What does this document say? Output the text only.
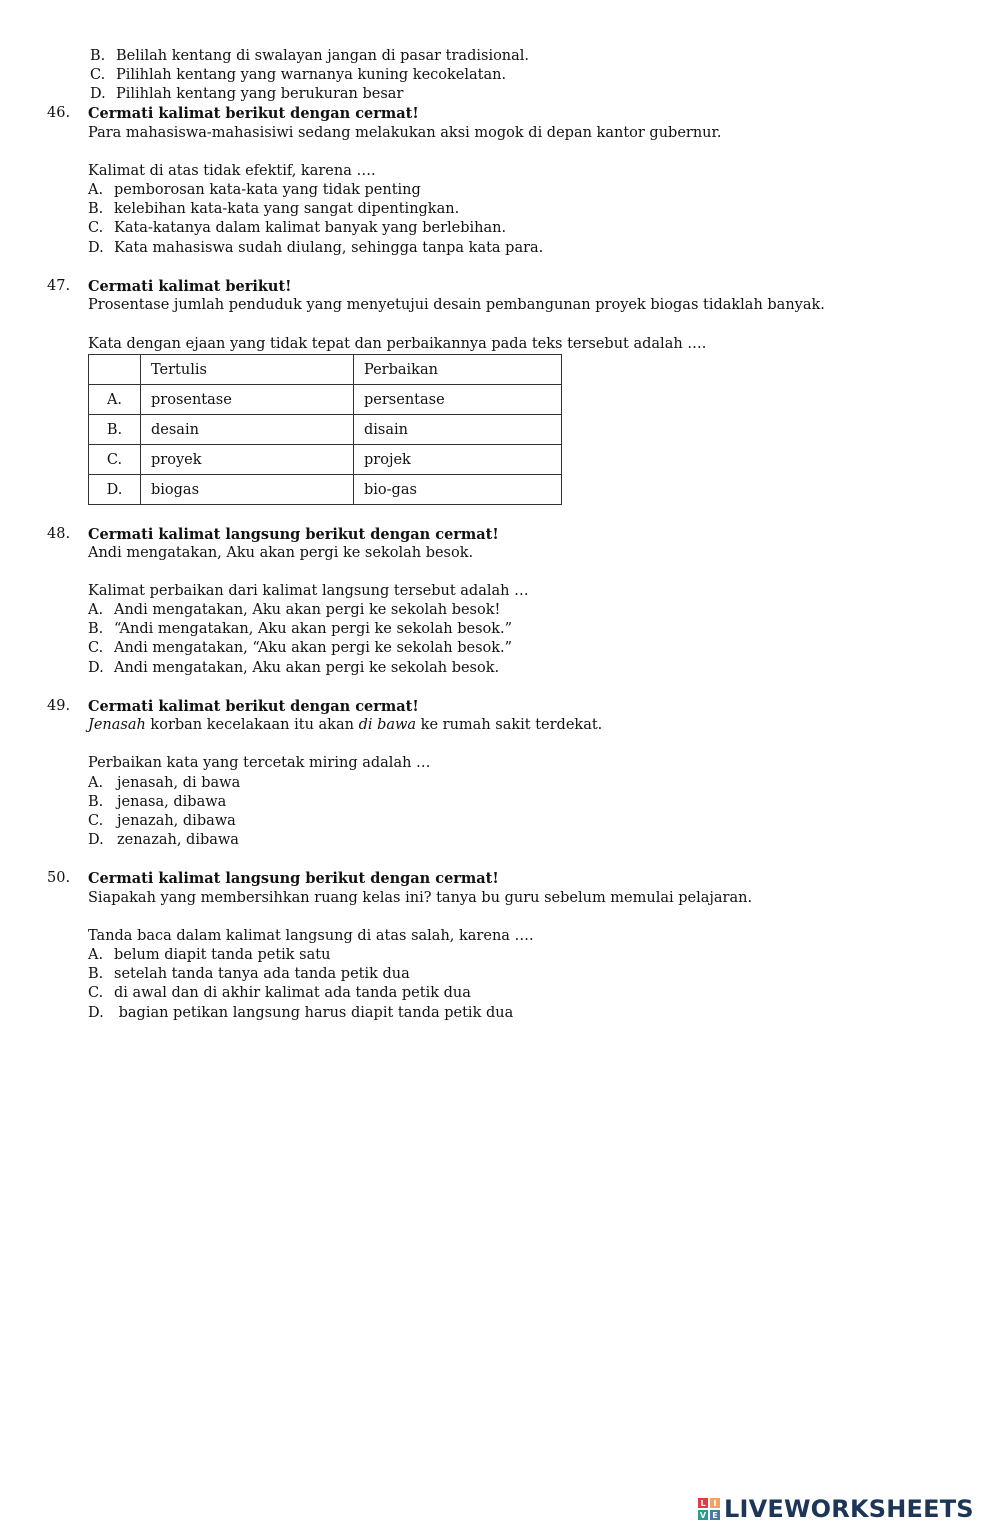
B. Belilah kentang di swalayan jangan di pasar tradisional.
C. Pilihlah kentang yang warnanya kuning kecokelatan.
D. Pilihlah kentang yang berukuran besar
46. Cermati kalimat berikut dengan cermat!
Para mahasiswa-mahasisiwi sedang melakukan aksi mogok di depan kantor gubernur.
Kalimat di atas tidak efektif, karena ….
A. pemborosan kata-kata yang tidak penting
B. kelebihan kata-kata yang sangat dipentingkan.
C. Kata-katanya dalam kalimat banyak yang berlebihan.
D. Kata mahasiswa sudah diulang, sehingga tanpa kata para.
47. Cermati kalimat berikut!
Prosentase jumlah penduduk yang menyetujui desain pembangunan proyek biogas tidaklah banyak.
Kata dengan ejaan yang tidak tepat dan perbaikannya pada teks tersebut adalah ….
	Tertulis	Perbaikan
A.	prosentase	persentase
B.	desain	disain
C.	proyek	projek
D.	biogas	bio-gas
48. Cermati kalimat langsung berikut dengan cermat!
Andi mengatakan, Aku akan pergi ke sekolah besok.
Kalimat perbaikan dari kalimat langsung tersebut adalah …
A. Andi mengatakan, Aku akan pergi ke sekolah besok!
B. “Andi mengatakan, Aku akan pergi ke sekolah besok.”
C. Andi mengatakan, “Aku akan pergi ke sekolah besok.”
D. Andi mengatakan, Aku akan pergi ke sekolah besok.
49. Cermati kalimat berikut dengan cermat!
Jenasah korban kecelakaan itu akan di bawa ke rumah sakit terdekat.
Perbaikan kata yang tercetak miring adalah …
A. jenasah, di bawa
B. jenasa, dibawa
C. jenazah, dibawa
D. zenazah, dibawa
50. Cermati kalimat langsung berikut dengan cermat!
Siapakah yang membersihkan ruang kelas ini? tanya bu guru sebelum memulai pelajaran.
Tanda baca dalam kalimat langsung di atas salah, karena ….
A. belum diapit tanda petik satu
B. setelah tanda tanya ada tanda petik dua
C. di awal dan di akhir kalimat ada tanda petik dua
D. bagian petikan langsung harus diapit tanda petik dua
L I
V E LIVEWORKSHEETS
